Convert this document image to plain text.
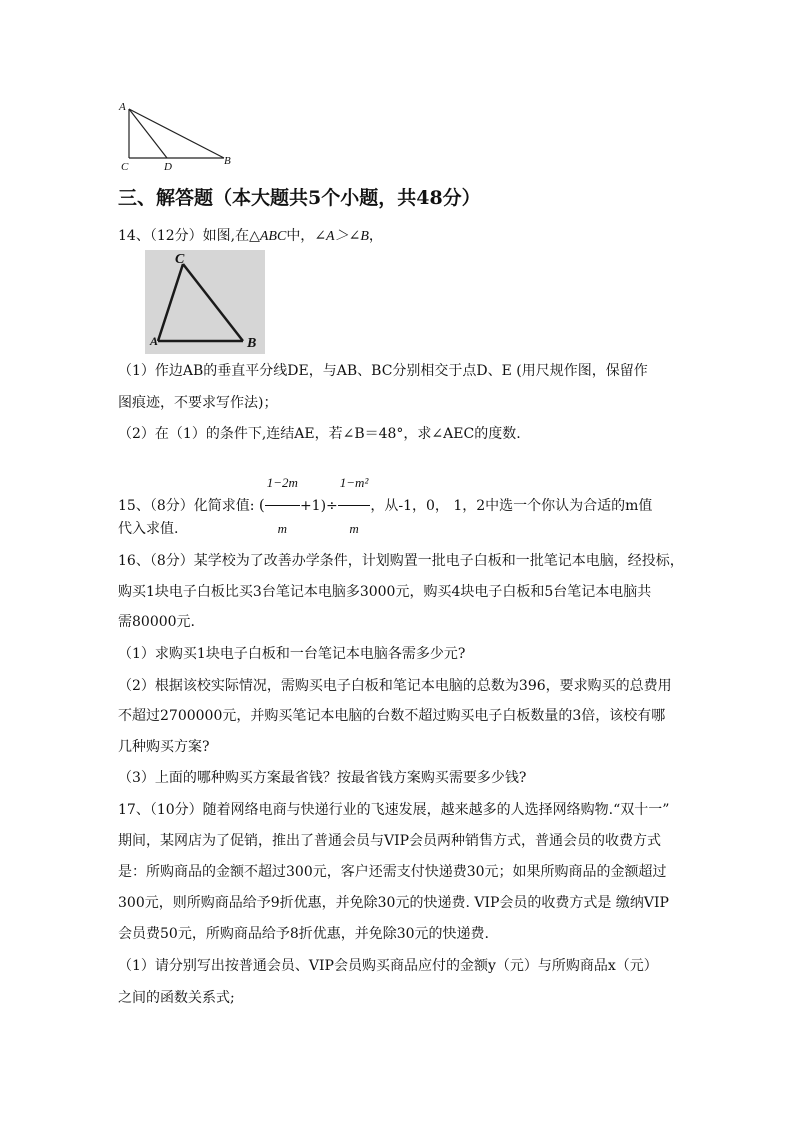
A
C	D	B
三、解答题（本大题共5个小题，共48分）
14、（12分）如图,在△ABC中，∠A＞∠B，
C
A	B
（1）作边AB的垂直平分线DE，与AB、BC分别相交于点D、E (用尺规作图，保留作
图痕迹，不要求写作法)；
（2）在（1）的条件下,连结AE，若∠B＝48°，求∠AEC的度数.
15、（8分）化简求值: ( $\frac{1-2m}{m} +1)\div \frac{\text{1−m²}}{m}$ ，从-1，0， 1，2中选一个你认为合适的m值
代入求值.
16、（8分）某学校为了改善办学条件，计划购置一批电子白板和一批笔记本电脑，经投标，
购买1块电子白板比买3台笔记本电脑多3000元，购买4块电子白板和5台笔记本电脑共
需80000元.
（1）求购买1块电子白板和一台笔记本电脑各需多少元?
（2）根据该校实际情况，需购买电子白板和笔记本电脑的总数为396，要求购买的总费用
不超过2700000元，并购买笔记本电脑的台数不超过购买电子白板数量的3倍，该校有哪
几种购买方案?
（3）上面的哪种购买方案最省钱？按最省钱方案购买需要多少钱?
17、（10分）随着网络电商与快递行业的飞速发展，越来越多的人选择网络购物.“双十一”
期间，某网店为了促销，推出了普通会员与VIP会员两种销售方式，普通会员的收费方式
是：所购商品的金额不超过300元，客户还需支付快递费30元；如果所购商品的金额超过
300元，则所购商品给予9折优惠，并免除30元的快递费. VIP会员的收费方式是 缴纳VIP
会员费50元，所购商品给予8折优惠，并免除30元的快递费.
（1）请分别写出按普通会员、VIP会员购买商品应付的金额y（元）与所购商品x（元）
之间的函数关系式;
